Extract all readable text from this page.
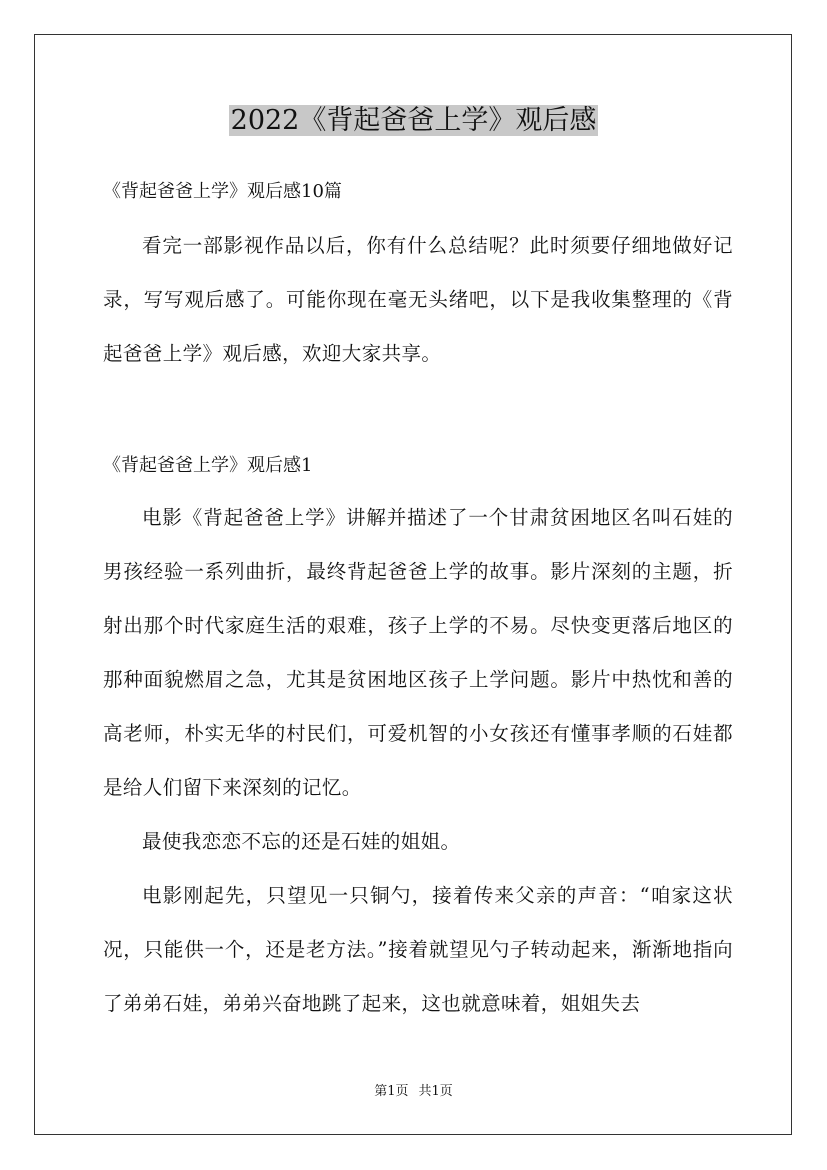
2022《背起爸爸上学》观后感
《背起爸爸上学》观后感10篇
看完一部影视作品以后，你有什么总结呢？此时须要仔细地做好记录，写写观后感了。可能你现在毫无头绪吧，以下是我收集整理的《背起爸爸上学》观后感，欢迎大家共享。
《背起爸爸上学》观后感1
电影《背起爸爸上学》讲解并描述了一个甘肃贫困地区名叫石娃的男孩经验一系列曲折，最终背起爸爸上学的故事。影片深刻的主题，折射出那个时代家庭生活的艰难，孩子上学的不易。尽快变更落后地区的那种面貌燃眉之急，尤其是贫困地区孩子上学问题。影片中热忱和善的高老师，朴实无华的村民们，可爱机智的小女孩还有懂事孝顺的石娃都是给人们留下来深刻的记忆。
最使我恋恋不忘的还是石娃的姐姐。
电影刚起先，只望见一只铜勺，接着传来父亲的声音：“咱家这状况，只能供一个，还是老方法。”接着就望见勺子转动起来，渐渐地指向了弟弟石娃，弟弟兴奋地跳了起来，这也就意味着，姐姐失去
第1页 共1页
